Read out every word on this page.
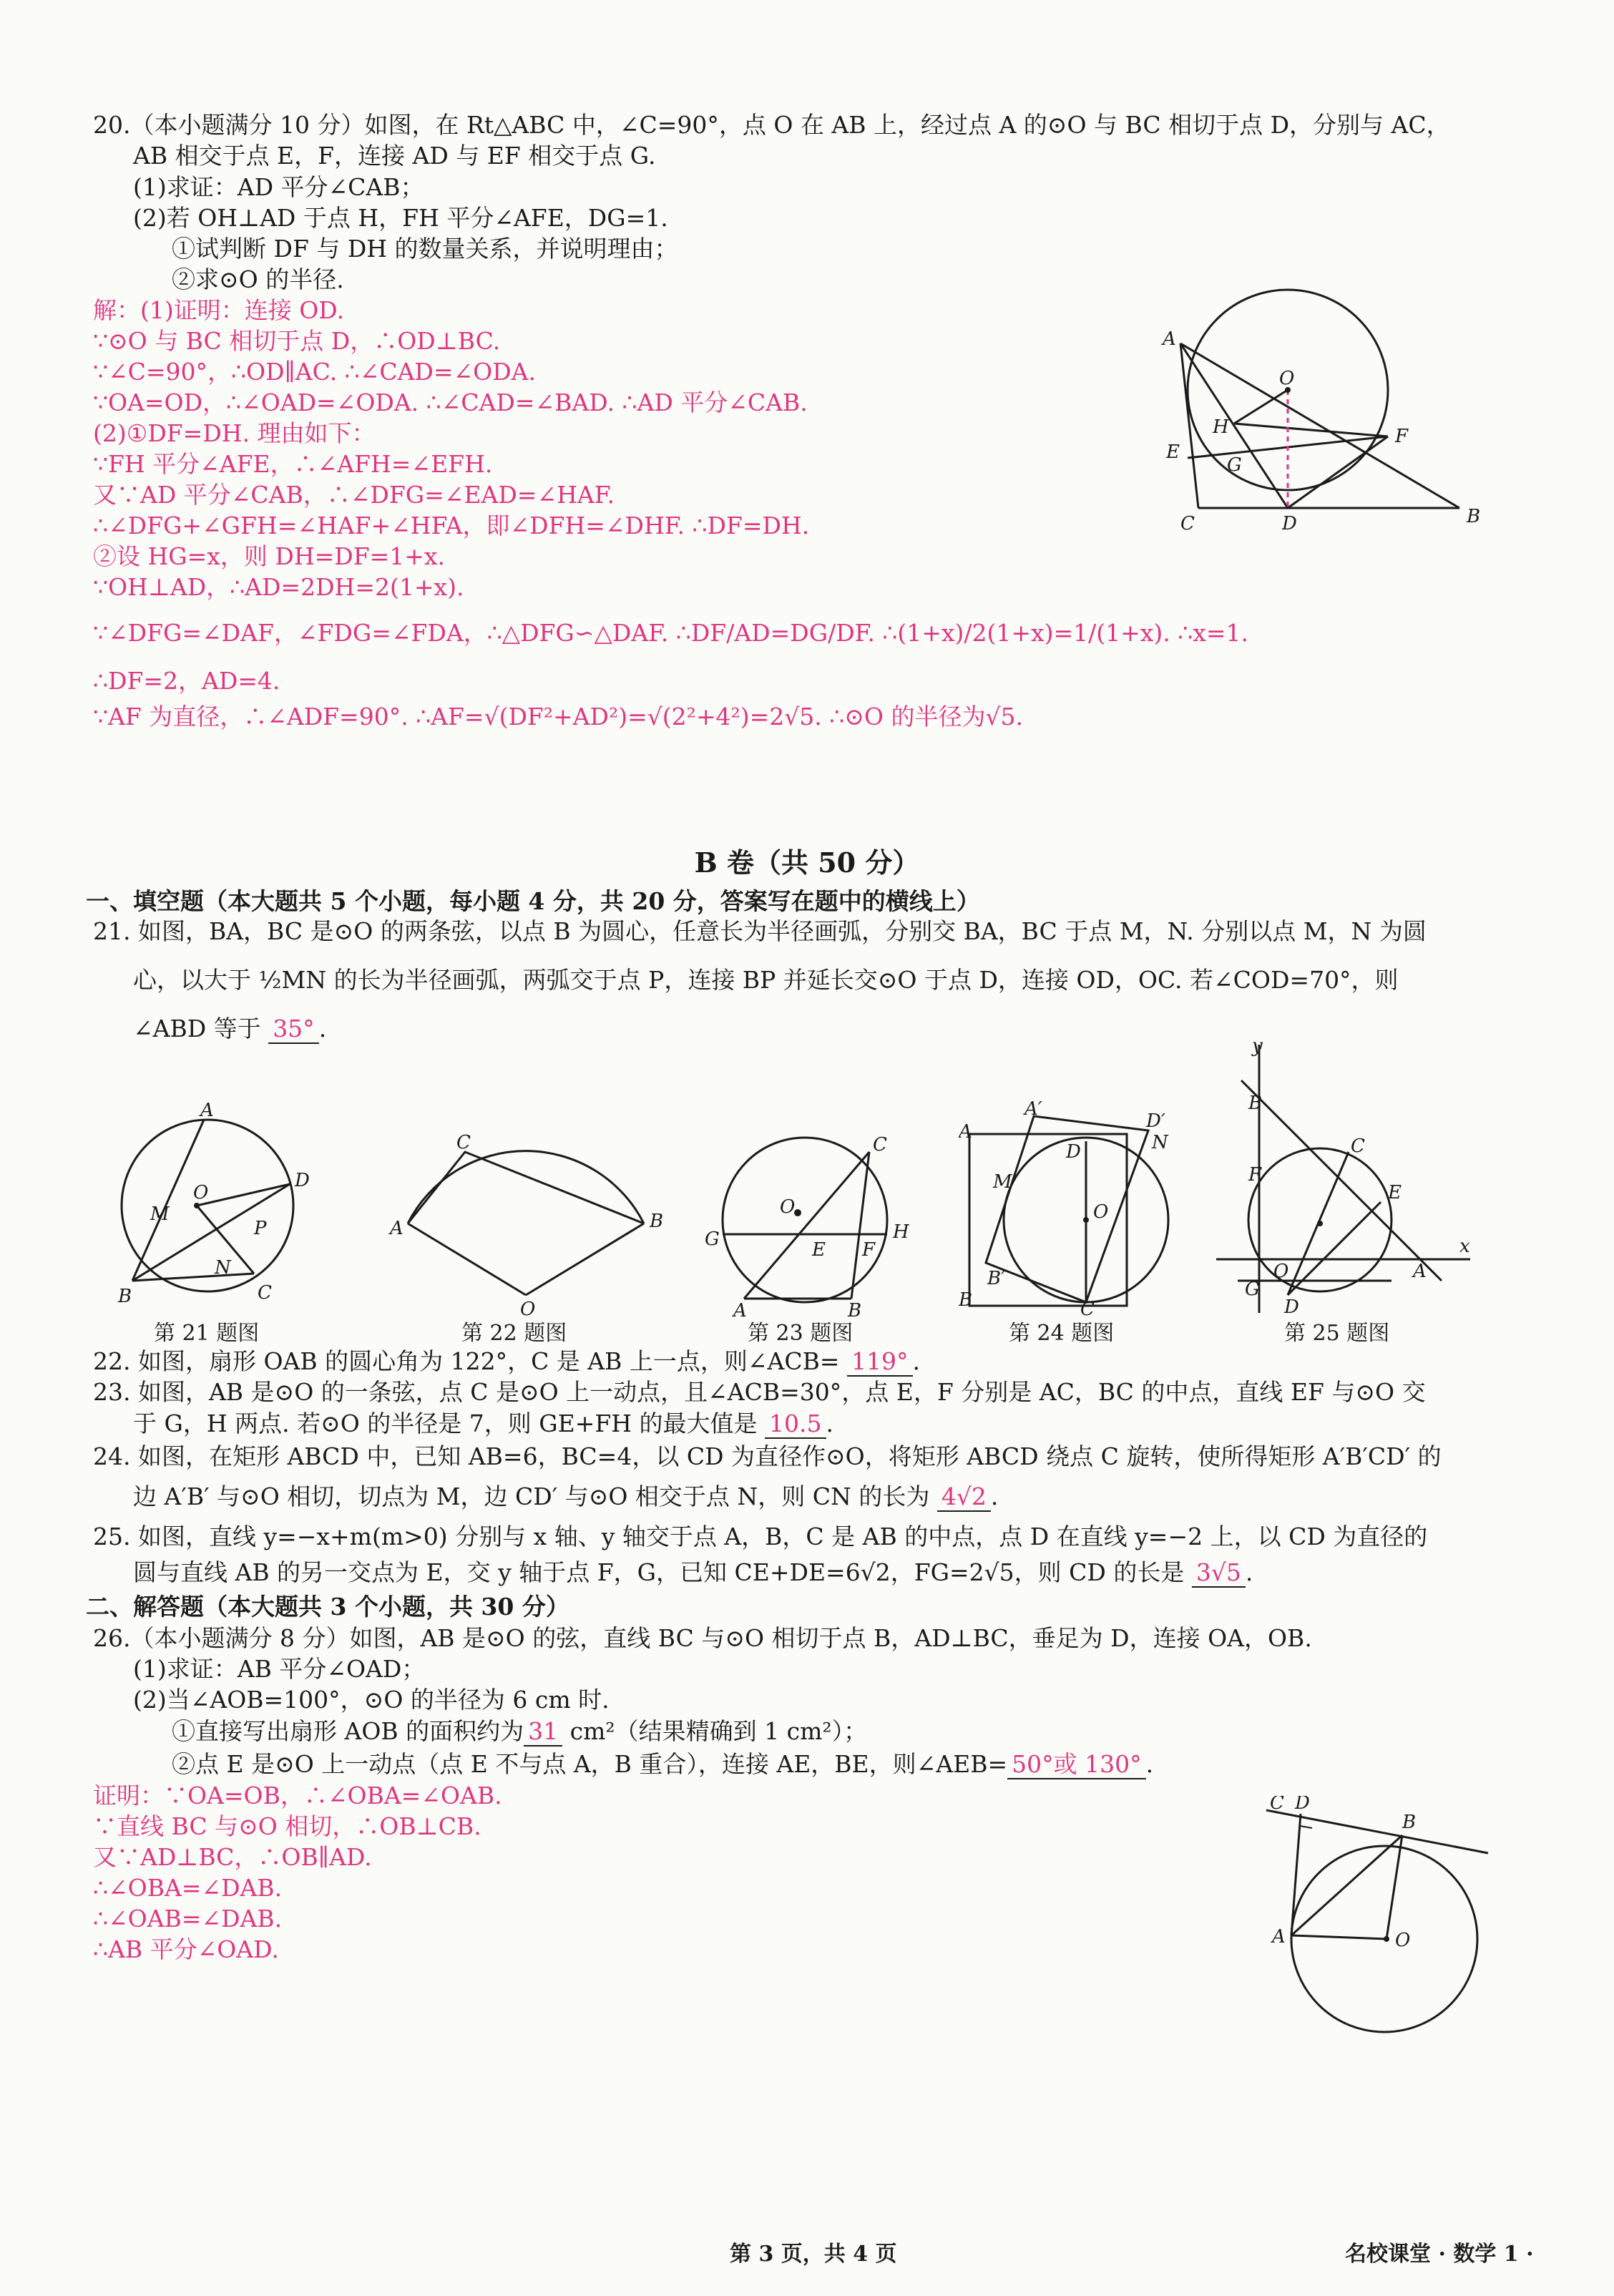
20.（本小题满分 10 分）如图，在 Rt△ABC 中，∠C=90°，点 O 在 AB 上，经过点 A 的⊙O 与 BC 相切于点 D，分别与 AC，
AB 相交于点 E，F，连接 AD 与 EF 相交于点 G.
(1)求证：AD 平分∠CAB；
(2)若 OH⊥AD 于点 H，FH 平分∠AFE，DG=1.
①试判断 DF 与 DH 的数量关系，并说明理由；
②求⊙O 的半径.
解：(1)证明：连接 OD.
∵⊙O 与 BC 相切于点 D，∴OD⊥BC.
∵∠C=90°，∴OD∥AC. ∴∠CAD=∠ODA.
∵OA=OD，∴∠OAD=∠ODA. ∴∠CAD=∠BAD. ∴AD 平分∠CAB.
(2)①DF=DH. 理由如下：
∵FH 平分∠AFE，∴∠AFH=∠EFH.
又∵AD 平分∠CAB，∴∠DFG=∠EAD=∠HAF.
∴∠DFG+∠GFH=∠HAF+∠HFA，即∠DFH=∠DHF. ∴DF=DH.
②设 HG=x，则 DH=DF=1+x.
∵OH⊥AD，∴AD=2DH=2(1+x).
∵∠DFG=∠DAF，∠FDG=∠FDA，∴△DFG∽△DAF. ∴DF/AD=DG/DF. ∴(1+x)/2(1+x)=1/(1+x). ∴x=1.
∴DF=2，AD=4.
∵AF 为直径，∴∠ADF=90°. ∴AF=√(DF²+AD²)=√(2²+4²)=2√5. ∴⊙O 的半径为√5.
A
O
H	F
E
G
C	D	B
B 卷（共 50 分）
一、填空题（本大题共 5 个小题，每小题 4 分，共 20 分，答案写在题中的横线上）
21. 如图，BA，BC 是⊙O 的两条弦，以点 B 为圆心，任意长为半径画弧，分别交 BA，BC 于点 M，N. 分别以点 M，N 为圆
心，以大于 ½MN 的长为半径画弧，两弧交于点 P，连接 BP 并延长交⊙O 于点 D，连接 OD，OC. 若∠COD=70°，则
∠ABD 等于 35° .
A
M
O
D
P
N
B	C
C
A	B
O
C
O
G	E F
H
A	B
A′
A
D
D′
N
M
O
B′
B	C
y
B
C
F
E
O	A
x
G
D
第 21 题图	第 22 题图	第 23 题图	第 24 题图	第 25 题图
22. 如图，扇形 OAB 的圆心角为 122°，C 是 AB 上一点，则∠ACB= 119° .
23. 如图，AB 是⊙O 的一条弦，点 C 是⊙O 上一动点，且∠ACB=30°，点 E，F 分别是 AC，BC 的中点，直线 EF 与⊙O 交
于 G，H 两点. 若⊙O 的半径是 7，则 GE+FH 的最大值是 10.5 .
24. 如图，在矩形 ABCD 中，已知 AB=6，BC=4，以 CD 为直径作⊙O，将矩形 ABCD 绕点 C 旋转，使所得矩形 A′B′CD′ 的
边 A′B′ 与⊙O 相切，切点为 M，边 CD′ 与⊙O 相交于点 N，则 CN 的长为 4√2 .
25. 如图，直线 y=−x+m(m>0) 分别与 x 轴、y 轴交于点 A，B，C 是 AB 的中点，点 D 在直线 y=−2 上，以 CD 为直径的
圆与直线 AB 的另一交点为 E，交 y 轴于点 F，G，已知 CE+DE=6√2，FG=2√5，则 CD 的长是 3√5 .
二、解答题（本大题共 3 个小题，共 30 分）
26.（本小题满分 8 分）如图，AB 是⊙O 的弦，直线 BC 与⊙O 相切于点 B，AD⊥BC，垂足为 D，连接 OA，OB.
(1)求证：AB 平分∠OAD；
(2)当∠AOB=100°，⊙O 的半径为 6 cm 时.
①直接写出扇形 AOB 的面积约为 31 cm²（结果精确到 1 cm²）；
②点 E 是⊙O 上一动点（点 E 不与点 A，B 重合），连接 AE，BE，则∠AEB= 50°或 130° .
证明：∵OA=OB，∴∠OBA=∠OAB.
∵直线 BC 与⊙O 相切，∴OB⊥CB.
又∵AD⊥BC，∴OB∥AD.
∴∠OBA=∠DAB.
∴∠OAB=∠DAB.
∴AB 平分∠OAD.
C D
B
A	O
第 3 页，共 4 页	名校课堂 · 数学 1 ·
